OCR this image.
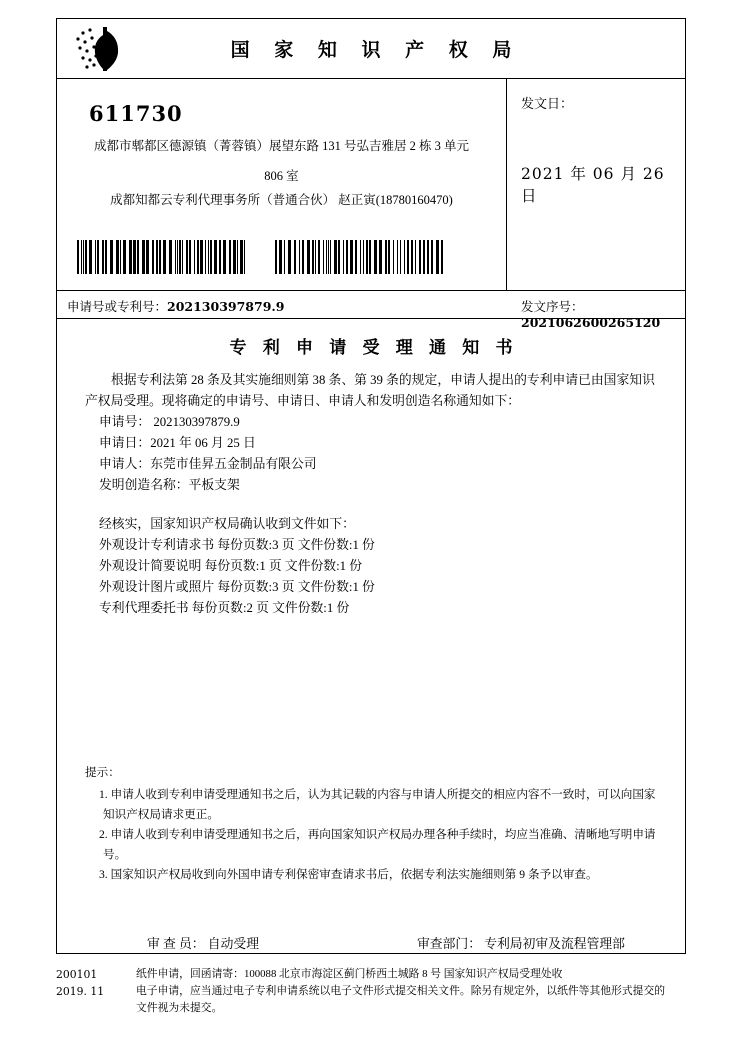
国 家 知 识 产 权 局
611730
成都市郫都区德源镇（菁蓉镇）展望东路 131 号弘吉雅居 2 栋 3 单元
806 室
成都知都云专利代理事务所（普通合伙） 赵正寅(18780160470)
发文日：
2021 年 06 月 26 日
申请号或专利号：202130397879.9	发文序号：2021062600265120
专 利 申 请 受 理 通 知 书
根据专利法第 28 条及其实施细则第 38 条、第 39 条的规定，申请人提出的专利申请已由国家知识产权局受理。现将确定的申请号、申请日、申请人和发明创造名称通知如下：
申请号： 202130397879.9
申请日：2021 年 06 月 25 日
申请人：东莞市佳昇五金制品有限公司
发明创造名称：平板支架
经核实，国家知识产权局确认收到文件如下：
外观设计专利请求书 每份页数:3 页 文件份数:1 份
外观设计简要说明 每份页数:1 页 文件份数:1 份
外观设计图片或照片 每份页数:3 页 文件份数:1 份
专利代理委托书 每份页数:2 页 文件份数:1 份
提示：
1. 申请人收到专利申请受理通知书之后，认为其记载的内容与申请人所提交的相应内容不一致时，可以向国家知识产权局请求更正。
2. 申请人收到专利申请受理通知书之后，再向国家知识产权局办理各种手续时，均应当准确、清晰地写明申请号。
3. 国家知识产权局收到向外国申请专利保密审查请求书后，依据专利法实施细则第 9 条予以审查。
审 查 员： 自动受理	审查部门： 专利局初审及流程管理部
200101
2019. 11
纸件申请，回函请寄：100088 北京市海淀区蓟门桥西土城路 8 号 国家知识产权局受理处收
电子申请，应当通过电子专利申请系统以电子文件形式提交相关文件。除另有规定外，以纸件等其他形式提交的
文件视为未提交。
